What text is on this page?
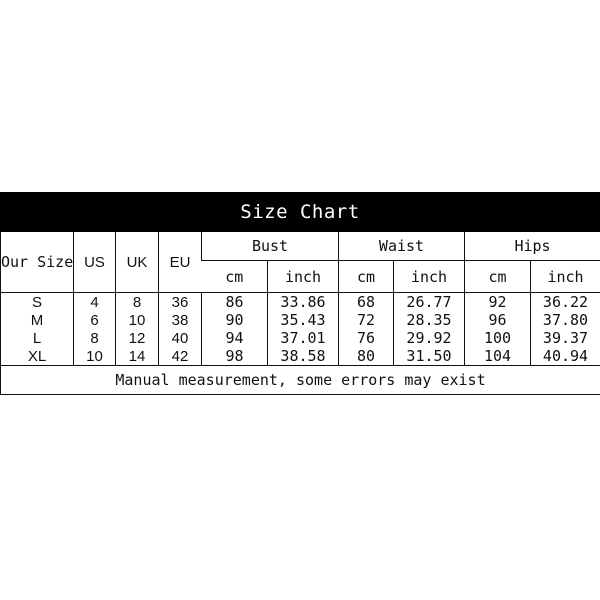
Size Chart
Our Size	US	UK	EU	Bust		Waist		Hips	
				cm	inch	cm	inch	cm	inch
S	4	8	36	86	33.86	68	26.77	92	36.22
M	6	10	38	90	35.43	72	28.35	96	37.80
L	8	12	40	94	37.01	76	29.92	100	39.37
XL	10	14	42	98	38.58	80	31.50	104	40.94
Manual measurement, some errors may exist									
